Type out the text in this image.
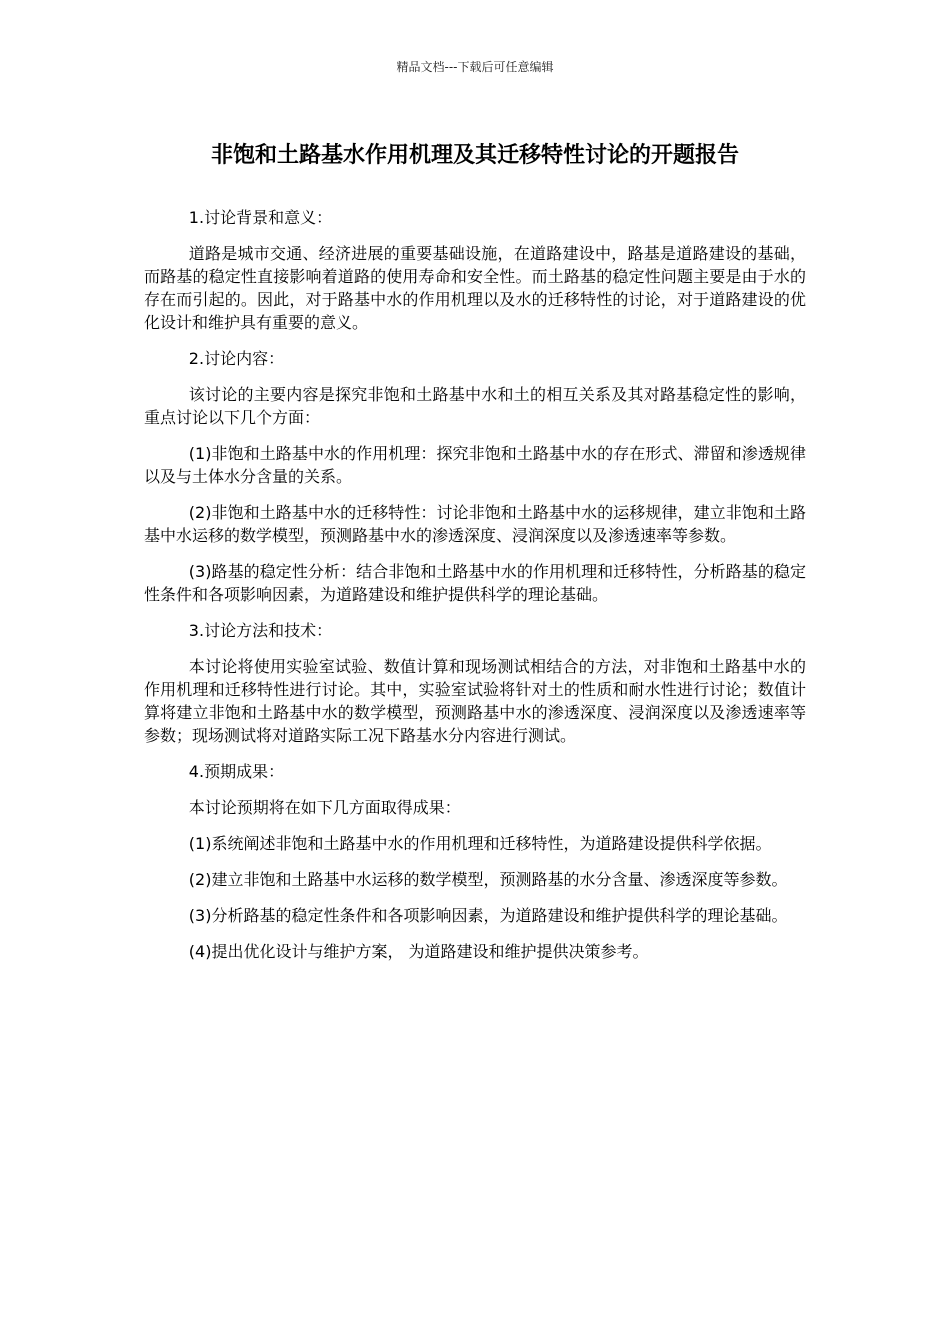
精品文档---下载后可任意编辑
非饱和土路基水作用机理及其迁移特性讨论的开题报告

1.讨论背景和意义：

道路是城市交通、经济进展的重要基础设施，在道路建设中，路基是道路建设的基础，而路基的稳定性直接影响着道路的使用寿命和安全性。而土路基的稳定性问题主要是由于水的存在而引起的。因此，对于路基中水的作用机理以及水的迁移特性的讨论，对于道路建设的优化设计和维护具有重要的意义。

2.讨论内容：

该讨论的主要内容是探究非饱和土路基中水和土的相互关系及其对路基稳定性的影响，重点讨论以下几个方面：

(1)非饱和土路基中水的作用机理：探究非饱和土路基中水的存在形式、滞留和渗透规律以及与土体水分含量的关系。

(2)非饱和土路基中水的迁移特性：讨论非饱和土路基中水的运移规律，建立非饱和土路基中水运移的数学模型，预测路基中水的渗透深度、浸润深度以及渗透速率等参数。

(3)路基的稳定性分析：结合非饱和土路基中水的作用机理和迁移特性，分析路基的稳定性条件和各项影响因素，为道路建设和维护提供科学的理论基础。

3.讨论方法和技术：

本讨论将使用实验室试验、数值计算和现场测试相结合的方法，对非饱和土路基中水的作用机理和迁移特性进行讨论。其中，实验室试验将针对土的性质和耐水性进行讨论；数值计算将建立非饱和土路基中水的数学模型，预测路基中水的渗透深度、浸润深度以及渗透速率等参数；现场测试将对道路实际工况下路基水分内容进行测试。

4.预期成果：

本讨论预期将在如下几方面取得成果：

(1)系统阐述非饱和土路基中水的作用机理和迁移特性，为道路建设提供科学依据。

(2)建立非饱和土路基中水运移的数学模型，预测路基的水分含量、渗透深度等参数。

(3)分析路基的稳定性条件和各项影响因素，为道路建设和维护提供科学的理论基础。

(4)提出优化设计与维护方案， 为道路建设和维护提供决策参考。
